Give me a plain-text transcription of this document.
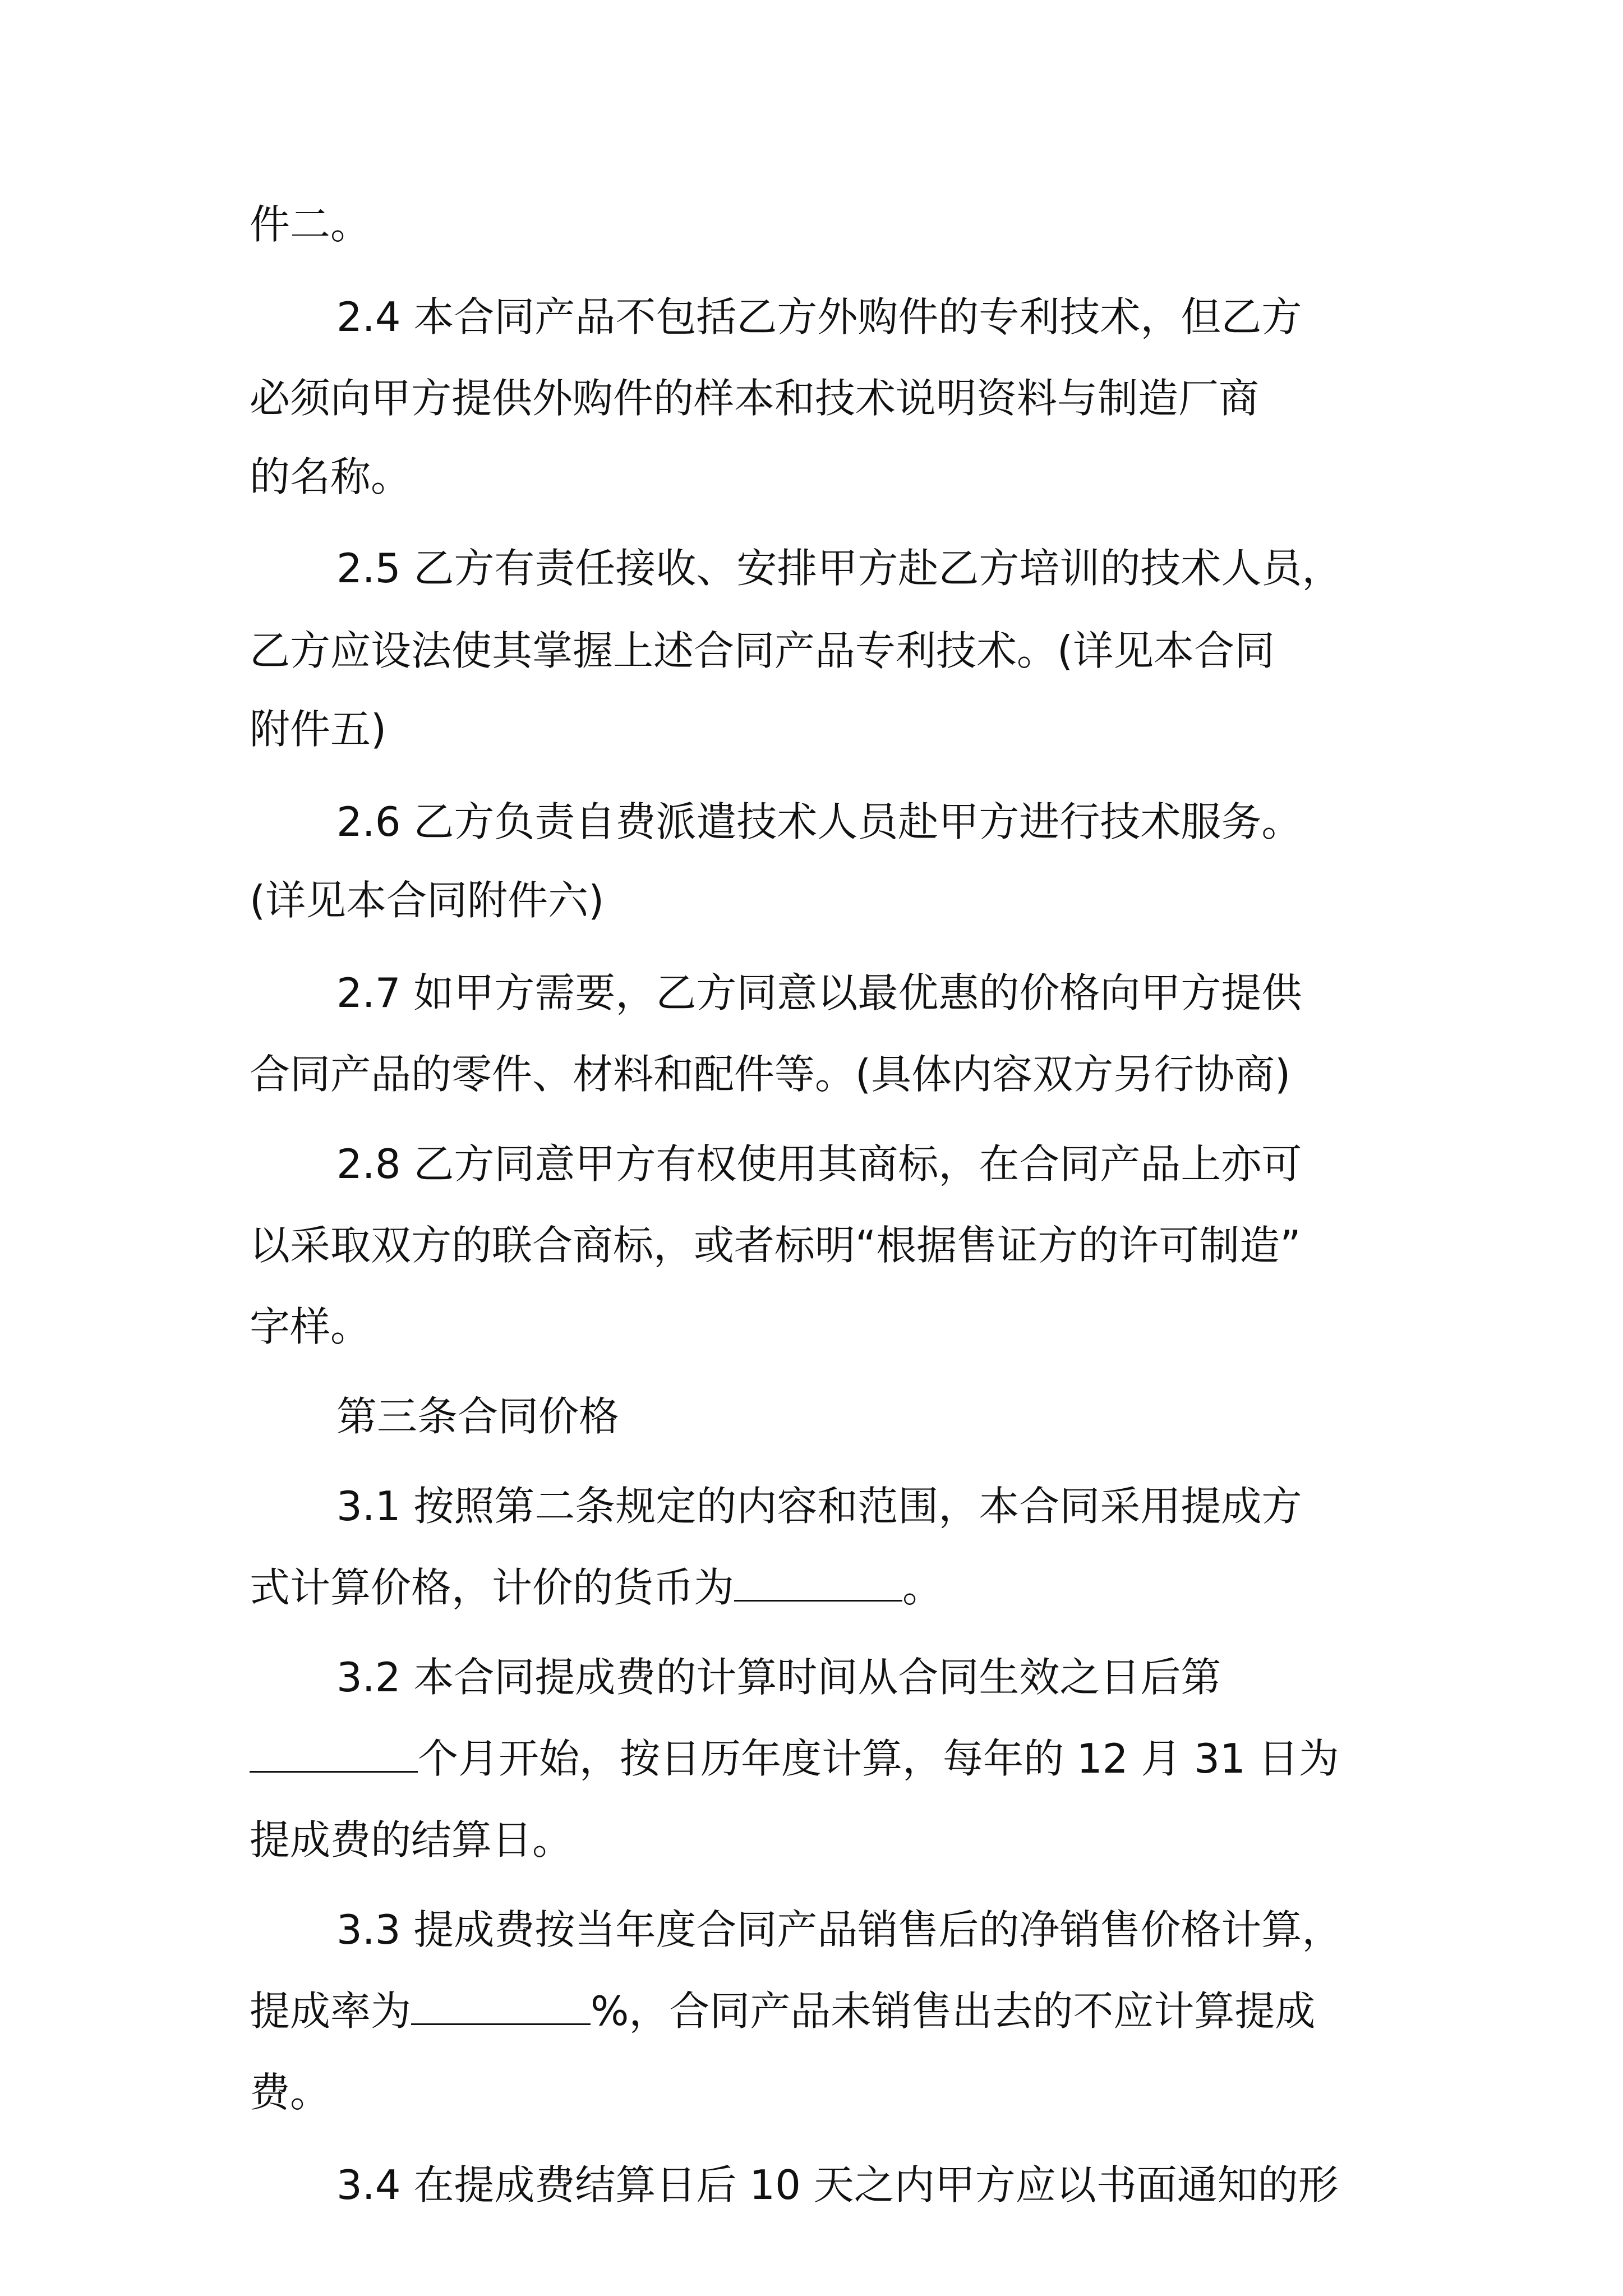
件二。
2.4 本合同产品不包括乙方外购件的专利技术，但乙方
必须向甲方提供外购件的样本和技术说明资料与制造厂商
的名称。
2.5 乙方有责任接收、安排甲方赴乙方培训的技术人员，
乙方应设法使其掌握上述合同产品专利技术。(详见本合同
附件五)
2.6 乙方负责自费派遣技术人员赴甲方进行技术服务。
(详见本合同附件六)
2.7 如甲方需要，乙方同意以最优惠的价格向甲方提供
合同产品的零件、材料和配件等。(具体内容双方另行协商)
2.8 乙方同意甲方有权使用其商标，在合同产品上亦可
以采取双方的联合商标，或者标明“根据售证方的许可制造”
字样。
第三条合同价格
3.1 按照第二条规定的内容和范围，本合同采用提成方
式计算价格，计价的货币为	。
3.2 本合同提成费的计算时间从合同生效之日后第
个月开始，按日历年度计算，每年的 12 月 31 日为
提成费的结算日。
3.3 提成费按当年度合同产品销售后的净销售价格计算，
提成率为	%，合同产品未销售出去的不应计算提成
费。
3.4 在提成费结算日后 10 天之内甲方应以书面通知的形
